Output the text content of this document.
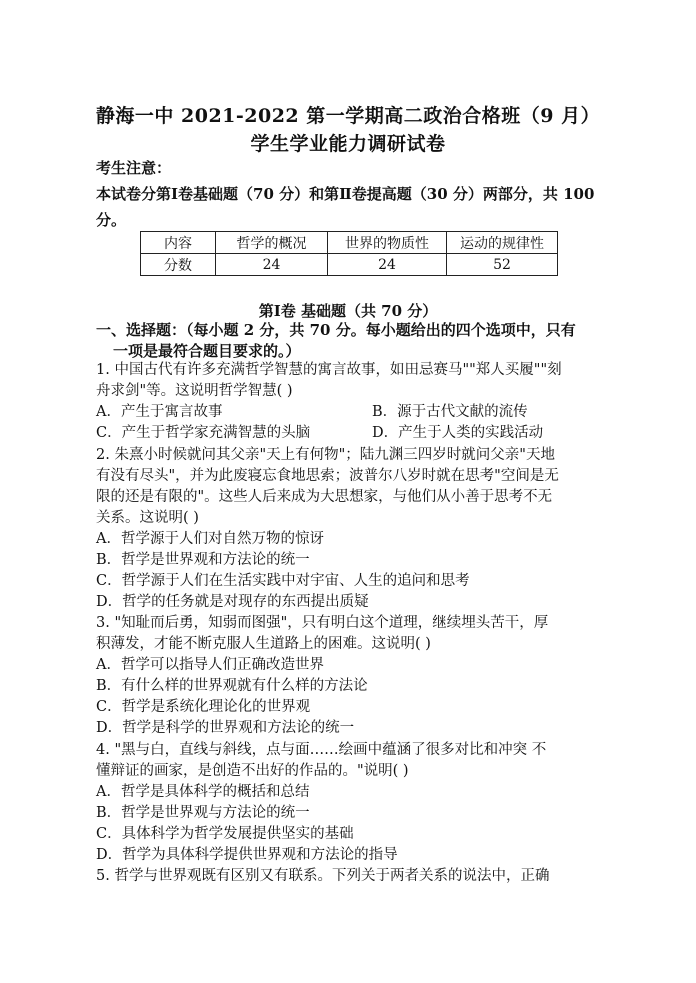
静海一中 2021-2022 第一学期高二政治合格班（9 月）
学生学业能力调研试卷
考生注意：
本试卷分第Ⅰ卷基础题（70 分）和第Ⅱ卷提高题（30 分）两部分，共 100
分。
内容	哲学的概况	世界的物质性	运动的规律性
分数	24	24	52
第Ⅰ卷 基础题（共 70 分）
一、选择题：（每小题 2 分，共 70 分。每小题给出的四个选项中，只有
一项是最符合题目要求的。）
1. 中国古代有许多充满哲学智慧的寓言故事，如田忌赛马""郑人买履""刻
舟求剑"等。这说明哲学智慧( )
A．产生于寓言故事	B．源于古代文献的流传
C．产生于哲学家充满智慧的头脑	D．产生于人类的实践活动
2. 朱熹小时候就问其父亲"天上有何物"；陆九渊三四岁时就问父亲"天地
有没有尽头"，并为此废寝忘食地思索；波普尔八岁时就在思考"空间是无
限的还是有限的"。这些人后来成为大思想家，与他们从小善于思考不无
关系。这说明( )
A．哲学源于人们对自然万物的惊讶
B．哲学是世界观和方法论的统一
C．哲学源于人们在生活实践中对宇宙、人生的追问和思考
D．哲学的任务就是对现存的东西提出质疑
3. "知耻而后勇，知弱而图强"，只有明白这个道理，继续埋头苦干，厚
积薄发，才能不断克服人生道路上的困难。这说明( )
A．哲学可以指导人们正确改造世界
B．有什么样的世界观就有什么样的方法论
C．哲学是系统化理论化的世界观
D．哲学是科学的世界观和方法论的统一
4. "黑与白，直线与斜线，点与面……绘画中蕴涵了很多对比和冲突 不
懂辩证的画家，是创造不出好的作品的。"说明( )
A．哲学是具体科学的概括和总结
B．哲学是世界观与方法论的统一
C．具体科学为哲学发展提供坚实的基础
D．哲学为具体科学提供世界观和方法论的指导
5. 哲学与世界观既有区别又有联系。下列关于两者关系的说法中，正确
